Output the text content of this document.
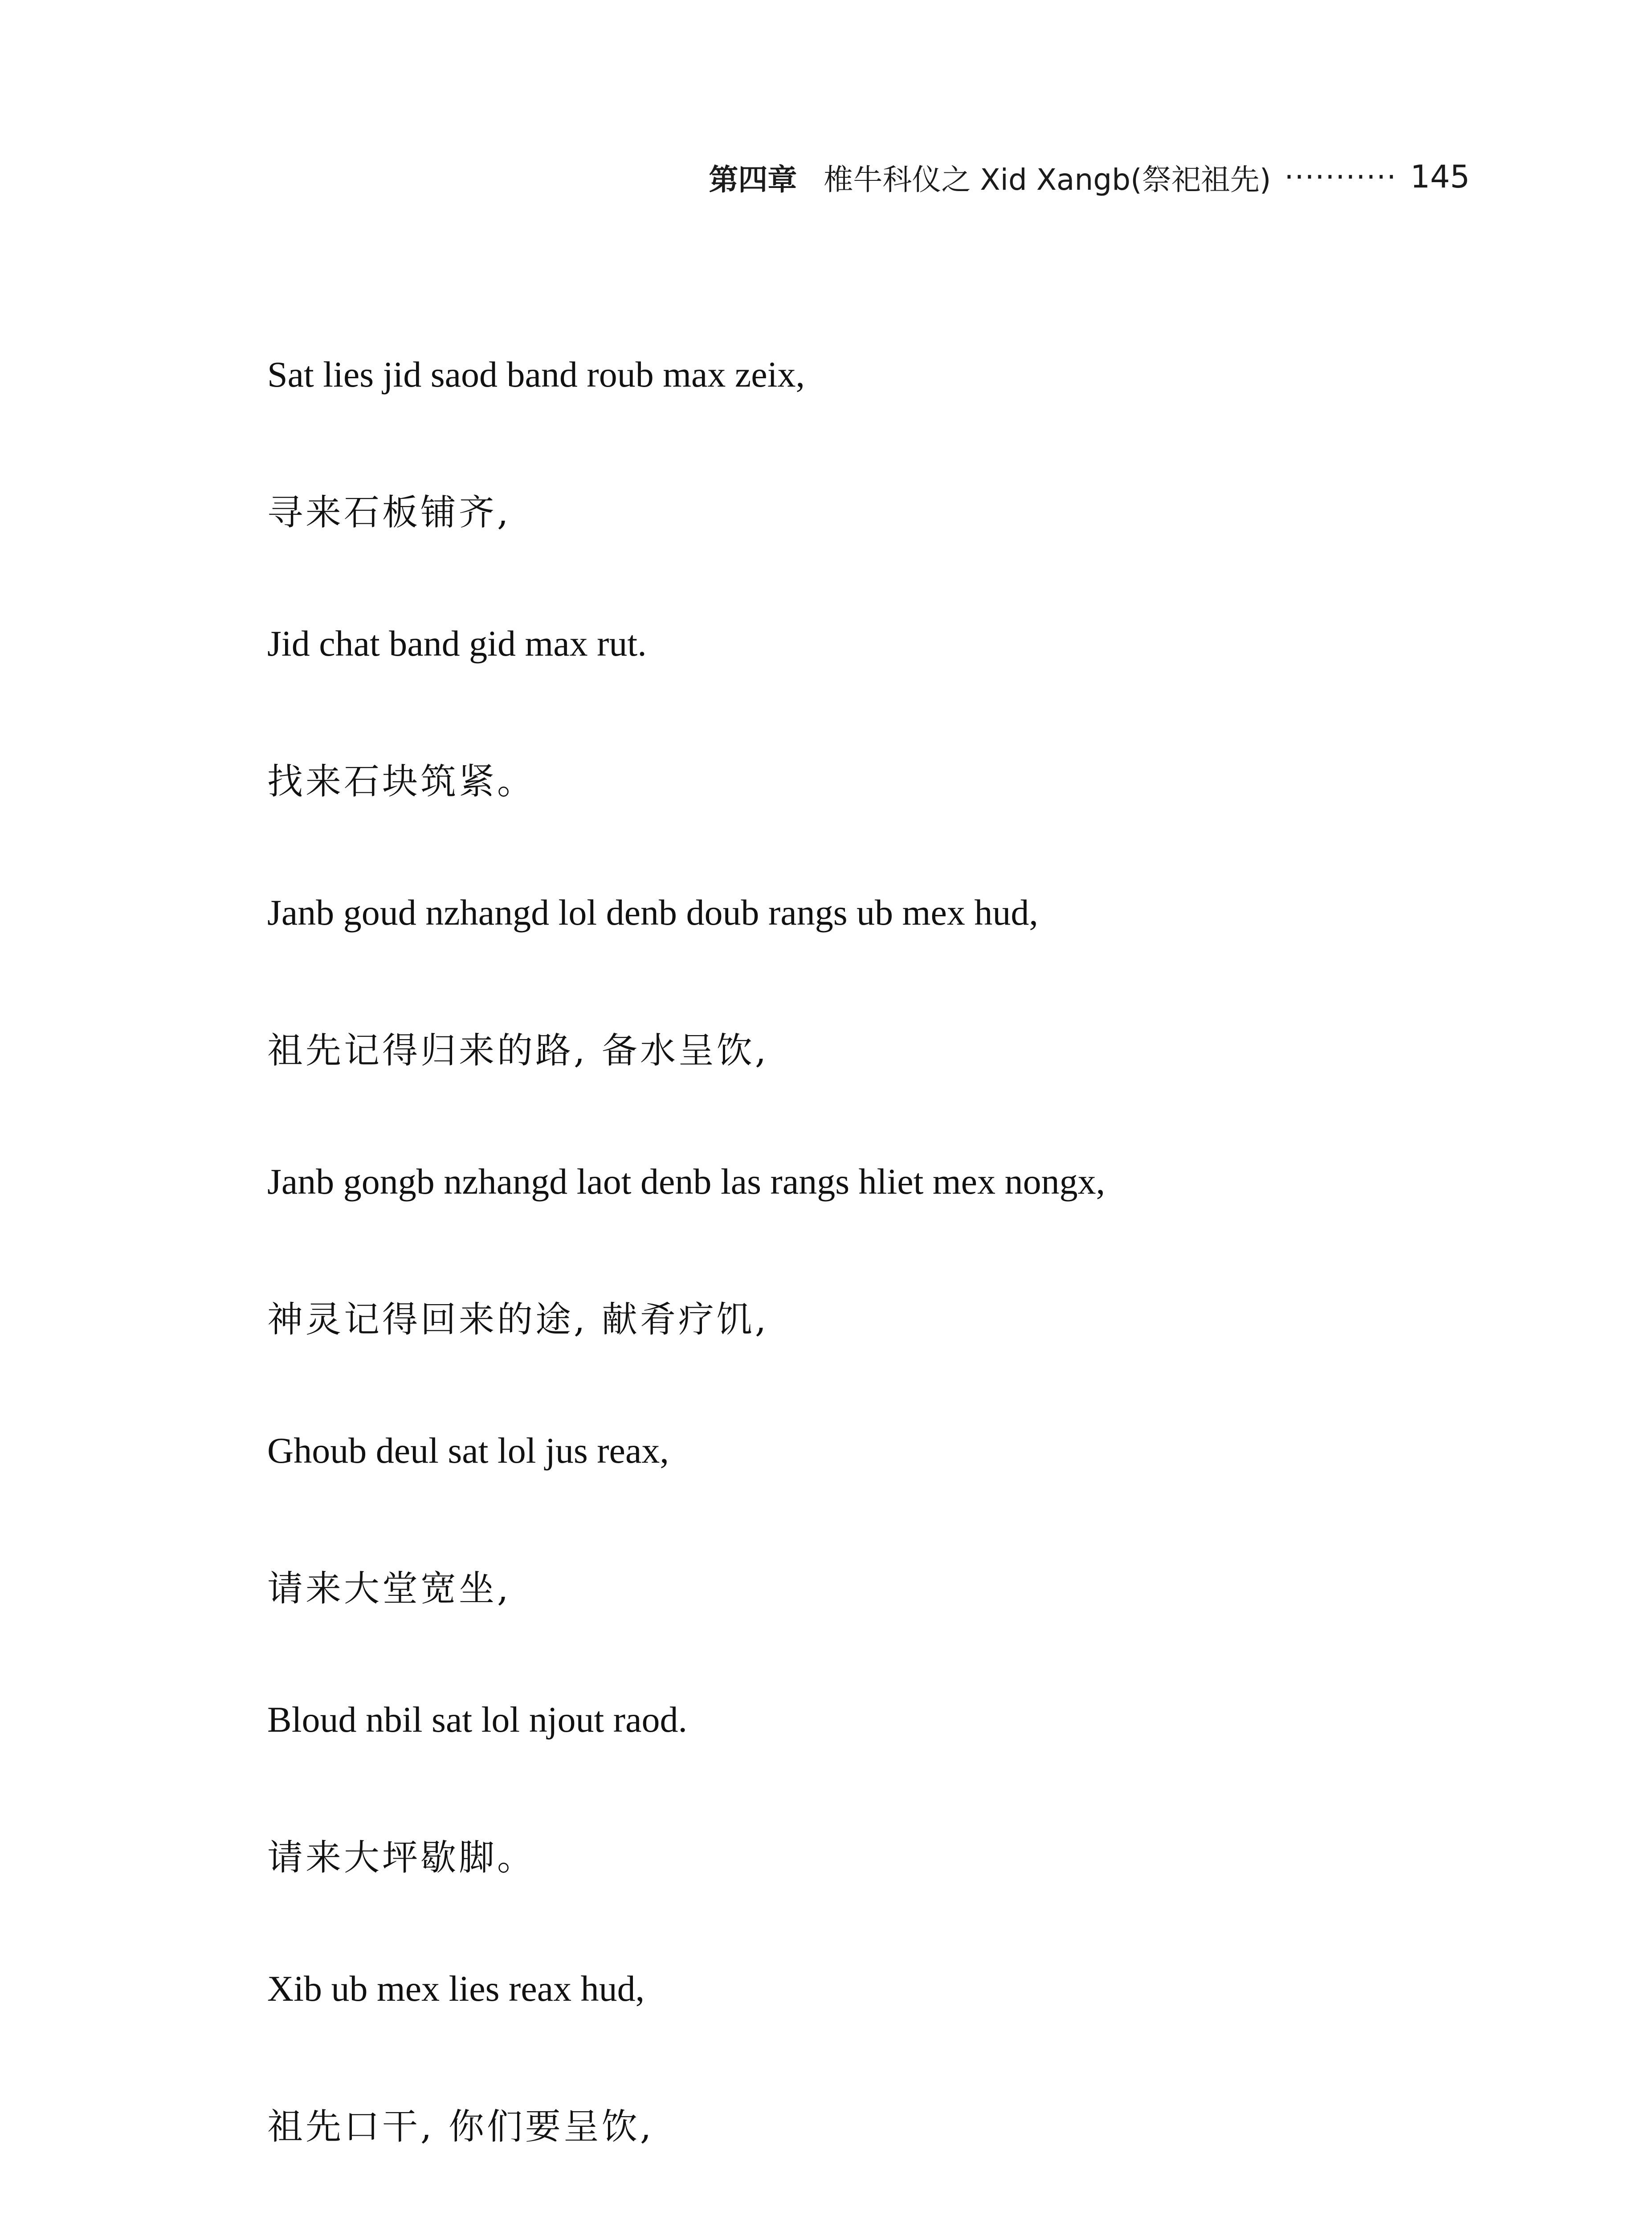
第四章 椎牛科仪之 Xid Xangb(祭祀祖先) ··········· 145
Sat lies jid saod band roub max zeix,
寻来石板铺齐,
Jid chat band gid max rut.
找来石块筑紧。
Janb goud nzhangd lol denb doub rangs ub mex hud,
祖先记得归来的路, 备水呈饮,
Janb gongb nzhangd laot denb las rangs hliet mex nongx,
神灵记得回来的途, 献肴疗饥,
Ghoub deul sat lol jus reax,
请来大堂宽坐,
Bloud nbil sat lol njout raod.
请来大坪歇脚。
Xib ub mex lies reax hud,
祖先口干, 你们要呈饮,
